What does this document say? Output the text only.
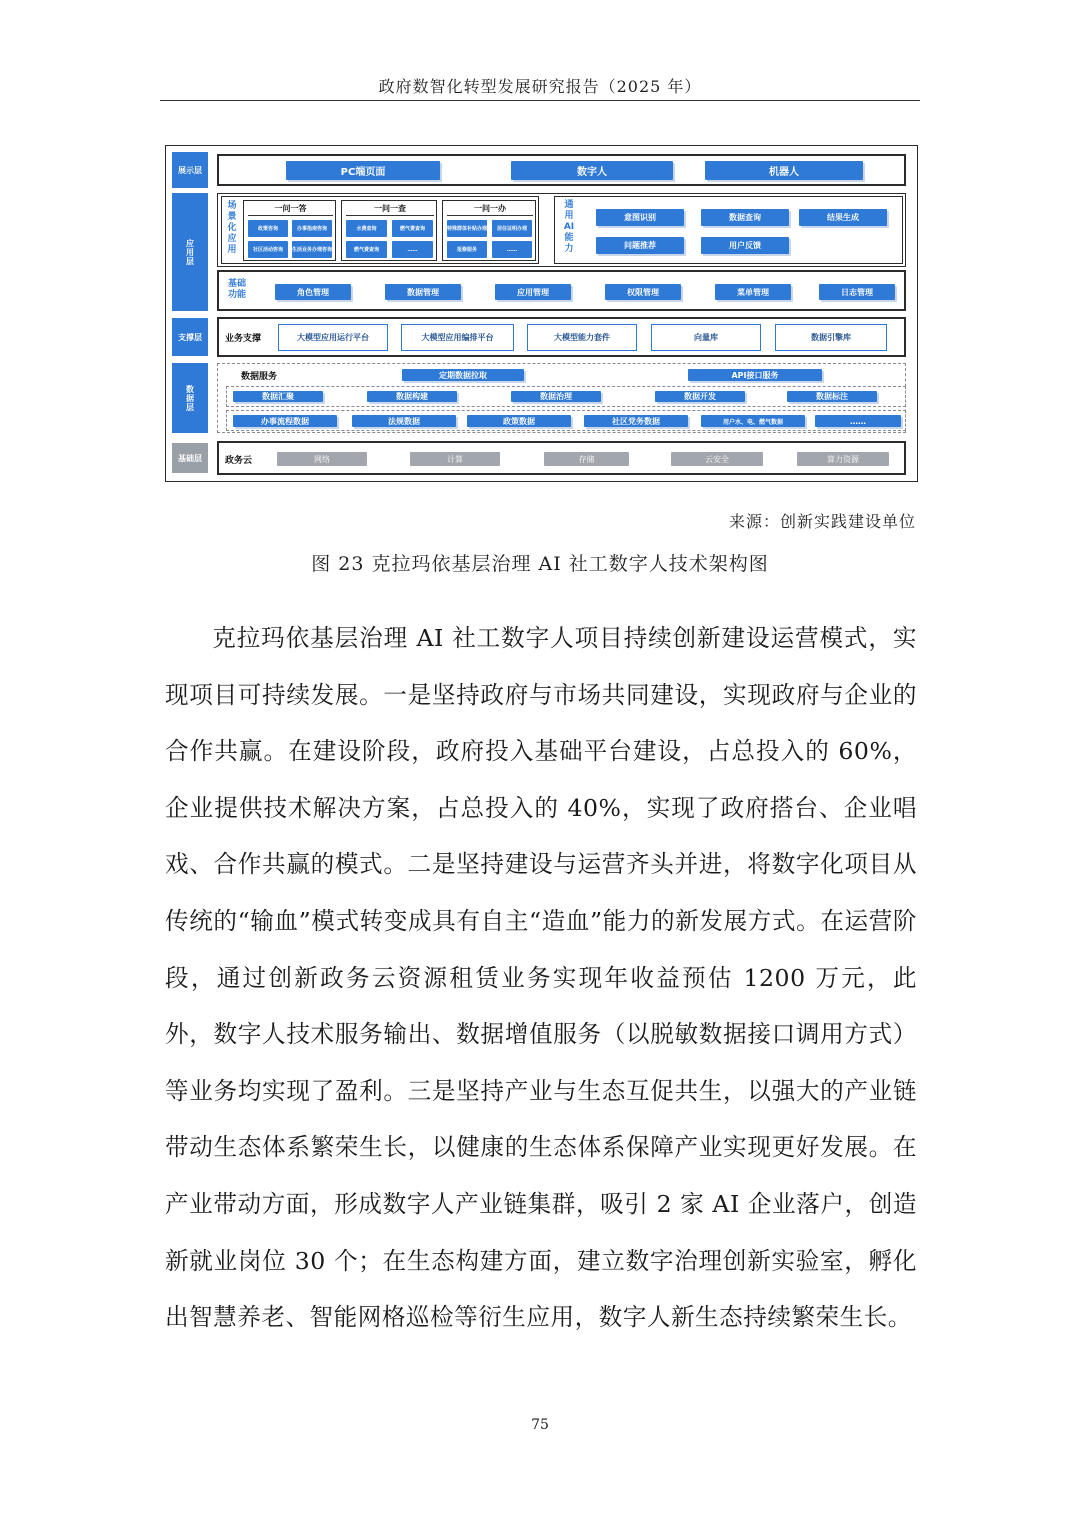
政府数智化转型发展研究报告（2025 年）
展示层	PC端页面	数字人	机器人
应用层
场景化应用
一问一答
政策咨询	办事指南咨询
社区活动咨询	生活业务办理咨询
一问一查
水费查询	燃气费查询
燃气费查询	……
一问一办
特殊群体补贴办理	居住证明办理
报修服务	……
通用AI能力
意图识别	数据查询	结果生成
问题推荐	用户反馈
基础功能	角色管理	数据管理	应用管理	权限管理	菜单管理	日志管理
支撑层	业务支撑	大模型应用运行平台	大模型应用编排平台	大模型能力套件	向量库	数据引擎库
数据层
数据服务	定期数据拉取	API接口服务
数据汇聚	数据构建	数据治理	数据开发	数据标注
办事流程数据	法规数据	政策数据	社区党务数据	用户水、电、燃气数据	……
基础层	政务云	网络	计算	存储	云安全	算力资源
来源：创新实践建设单位
图 23 克拉玛依基层治理 AI 社工数字人技术架构图

克拉玛依基层治理 AI 社工数字人项目持续创新建设运营模式，实现项目可持续发展。一是坚持政府与市场共同建设，实现政府与企业的合作共赢。在建设阶段，政府投入基础平台建设，占总投入的 60%，企业提供技术解决方案，占总投入的 40%，实现了政府搭台、企业唱戏、合作共赢的模式。二是坚持建设与运营齐头并进，将数字化项目从传统的“输血”模式转变成具有自主“造血”能力的新发展方式。在运营阶段，通过创新政务云资源租赁业务实现年收益预估 1200 万元，此外，数字人技术服务输出、数据增值服务（以脱敏数据接口调用方式）等业务均实现了盈利。三是坚持产业与生态互促共生，以强大的产业链带动生态体系繁荣生长，以健康的生态体系保障产业实现更好发展。在产业带动方面，形成数字人产业链集群，吸引 2 家 AI 企业落户，创造新就业岗位 30 个；在生态构建方面，建立数字治理创新实验室，孵化出智慧养老、智能网格巡检等衍生应用，数字人新生态持续繁荣生长。

75
